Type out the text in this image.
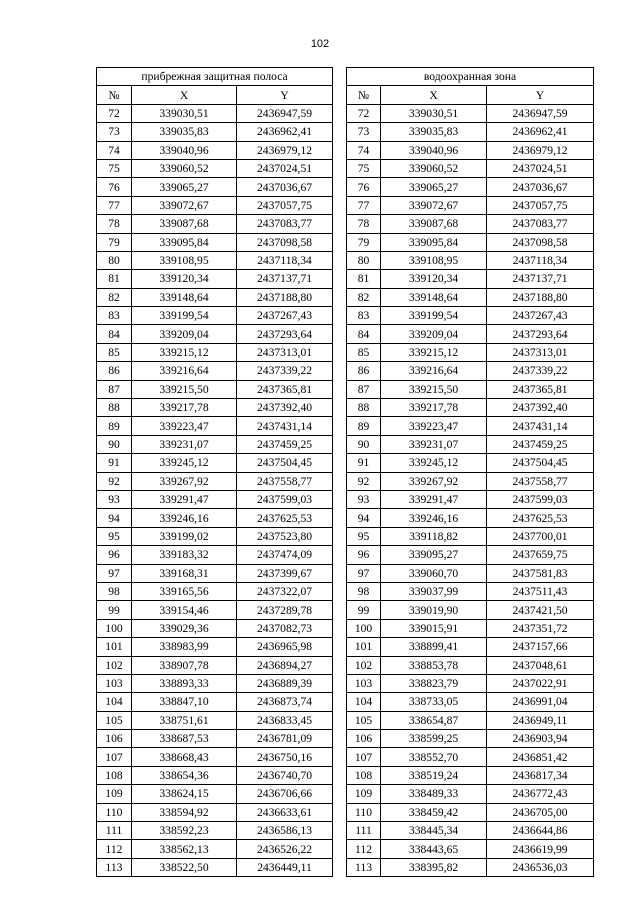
102
прибрежная защитная полоса				водоохранная зона		
№	X	Y		№	X	Y
72	339030,51	2436947,59		72	339030,51	2436947,59
73	339035,83	2436962,41		73	339035,83	2436962,41
74	339040,96	2436979,12		74	339040,96	2436979,12
75	339060,52	2437024,51		75	339060,52	2437024,51
76	339065,27	2437036,67		76	339065,27	2437036,67
77	339072,67	2437057,75		77	339072,67	2437057,75
78	339087,68	2437083,77		78	339087,68	2437083,77
79	339095,84	2437098,58		79	339095,84	2437098,58
80	339108,95	2437118,34		80	339108,95	2437118,34
81	339120,34	2437137,71		81	339120,34	2437137,71
82	339148,64	2437188,80		82	339148,64	2437188,80
83	339199,54	2437267,43		83	339199,54	2437267,43
84	339209,04	2437293,64		84	339209,04	2437293,64
85	339215,12	2437313,01		85	339215,12	2437313,01
86	339216,64	2437339,22		86	339216,64	2437339,22
87	339215,50	2437365,81		87	339215,50	2437365,81
88	339217,78	2437392,40		88	339217,78	2437392,40
89	339223,47	2437431,14		89	339223,47	2437431,14
90	339231,07	2437459,25		90	339231,07	2437459,25
91	339245,12	2437504,45		91	339245,12	2437504,45
92	339267,92	2437558,77		92	339267,92	2437558,77
93	339291,47	2437599,03		93	339291,47	2437599,03
94	339246,16	2437625,53		94	339246,16	2437625,53
95	339199,02	2437523,80		95	339118,82	2437700,01
96	339183,32	2437474,09		96	339095,27	2437659,75
97	339168,31	2437399,67		97	339060,70	2437581,83
98	339165,56	2437322,07		98	339037,99	2437511,43
99	339154,46	2437289,78		99	339019,90	2437421,50
100	339029,36	2437082,73		100	339015,91	2437351,72
101	338983,99	2436965,98		101	338899,41	2437157,66
102	338907,78	2436894,27		102	338853,78	2437048,61
103	338893,33	2436889,39		103	338823,79	2437022,91
104	338847,10	2436873,74		104	338733,05	2436991,04
105	338751,61	2436833,45		105	338654,87	2436949,11
106	338687,53	2436781,09		106	338599,25	2436903,94
107	338668,43	2436750,16		107	338552,70	2436851,42
108	338654,36	2436740,70		108	338519,24	2436817,34
109	338624,15	2436706,66		109	338489,33	2436772,43
110	338594,92	2436633,61		110	338459,42	2436705,00
111	338592,23	2436586,13		111	338445,34	2436644,86
112	338562,13	2436526,22		112	338443,65	2436619,99
113	338522,50	2436449,11		113	338395,82	2436536,03
